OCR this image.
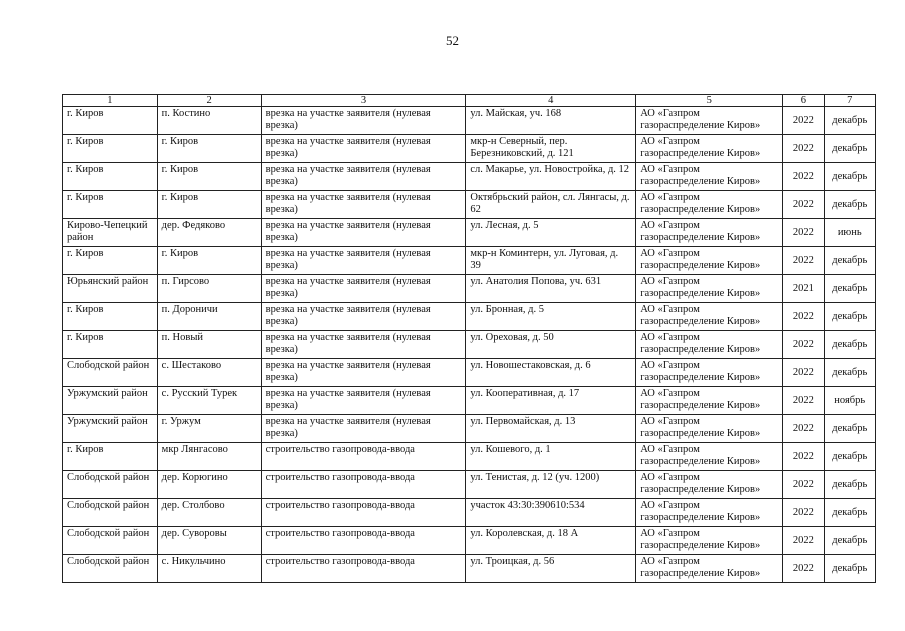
52
1	2	3	4	5	6	7
г. Киров	п. Костино	врезка на участке заявителя (нулевая врезка)	ул. Майская, уч. 168	АО «Газпром газораспределение Киров»	2022	декабрь
г. Киров	г. Киров	врезка на участке заявителя (нулевая врезка)	мкр-н Северный, пер. Березниковский, д. 121	АО «Газпром газораспределение Киров»	2022	декабрь
г. Киров	г. Киров	врезка на участке заявителя (нулевая врезка)	сл. Макарье, ул. Новостройка, д. 12	АО «Газпром газораспределение Киров»	2022	декабрь
г. Киров	г. Киров	врезка на участке заявителя (нулевая врезка)	Октябрьский район, сл. Лянгасы, д. 62	АО «Газпром газораспределение Киров»	2022	декабрь
Кирово-Чепецкий район	дер. Федяково	врезка на участке заявителя (нулевая врезка)	ул. Лесная, д. 5	АО «Газпром газораспределение Киров»	2022	июнь
г. Киров	г. Киров	врезка на участке заявителя (нулевая врезка)	мкр-н Коминтерн, ул. Луговая, д. 39	АО «Газпром газораспределение Киров»	2022	декабрь
Юрьянский район	п. Гирсово	врезка на участке заявителя (нулевая врезка)	ул. Анатолия Попова, уч. 631	АО «Газпром газораспределение Киров»	2021	декабрь
г. Киров	п. Дороничи	врезка на участке заявителя (нулевая врезка)	ул. Бронная, д. 5	АО «Газпром газораспределение Киров»	2022	декабрь
г. Киров	п. Новый	врезка на участке заявителя (нулевая врезка)	ул. Ореховая, д. 50	АО «Газпром газораспределение Киров»	2022	декабрь
Слободской район	с. Шестаково	врезка на участке заявителя (нулевая врезка)	ул. Новошестаковская, д. 6	АО «Газпром газораспределение Киров»	2022	декабрь
Уржумский район	с. Русский Турек	врезка на участке заявителя (нулевая врезка)	ул. Кооперативная, д. 17	АО «Газпром газораспределение Киров»	2022	ноябрь
Уржумский район	г. Уржум	врезка на участке заявителя (нулевая врезка)	ул. Первомайская, д. 13	АО «Газпром газораспределение Киров»	2022	декабрь
г. Киров	мкр Лянгасово	строительство газопровода-ввода	ул. Кошевого, д. 1	АО «Газпром газораспределение Киров»	2022	декабрь
Слободской район	дер. Корюгино	строительство газопровода-ввода	ул. Тенистая, д. 12 (уч. 1200)	АО «Газпром газораспределение Киров»	2022	декабрь
Слободской район	дер. Столбово	строительство газопровода-ввода	участок 43:30:390610:534	АО «Газпром газораспределение Киров»	2022	декабрь
Слободской район	дер. Суворовы	строительство газопровода-ввода	ул. Королевская, д. 18 А	АО «Газпром газораспределение Киров»	2022	декабрь
Слободской район	с. Никульчино	строительство газопровода-ввода	ул. Троицкая, д. 56	АО «Газпром газораспределение Киров»	2022	декабрь
